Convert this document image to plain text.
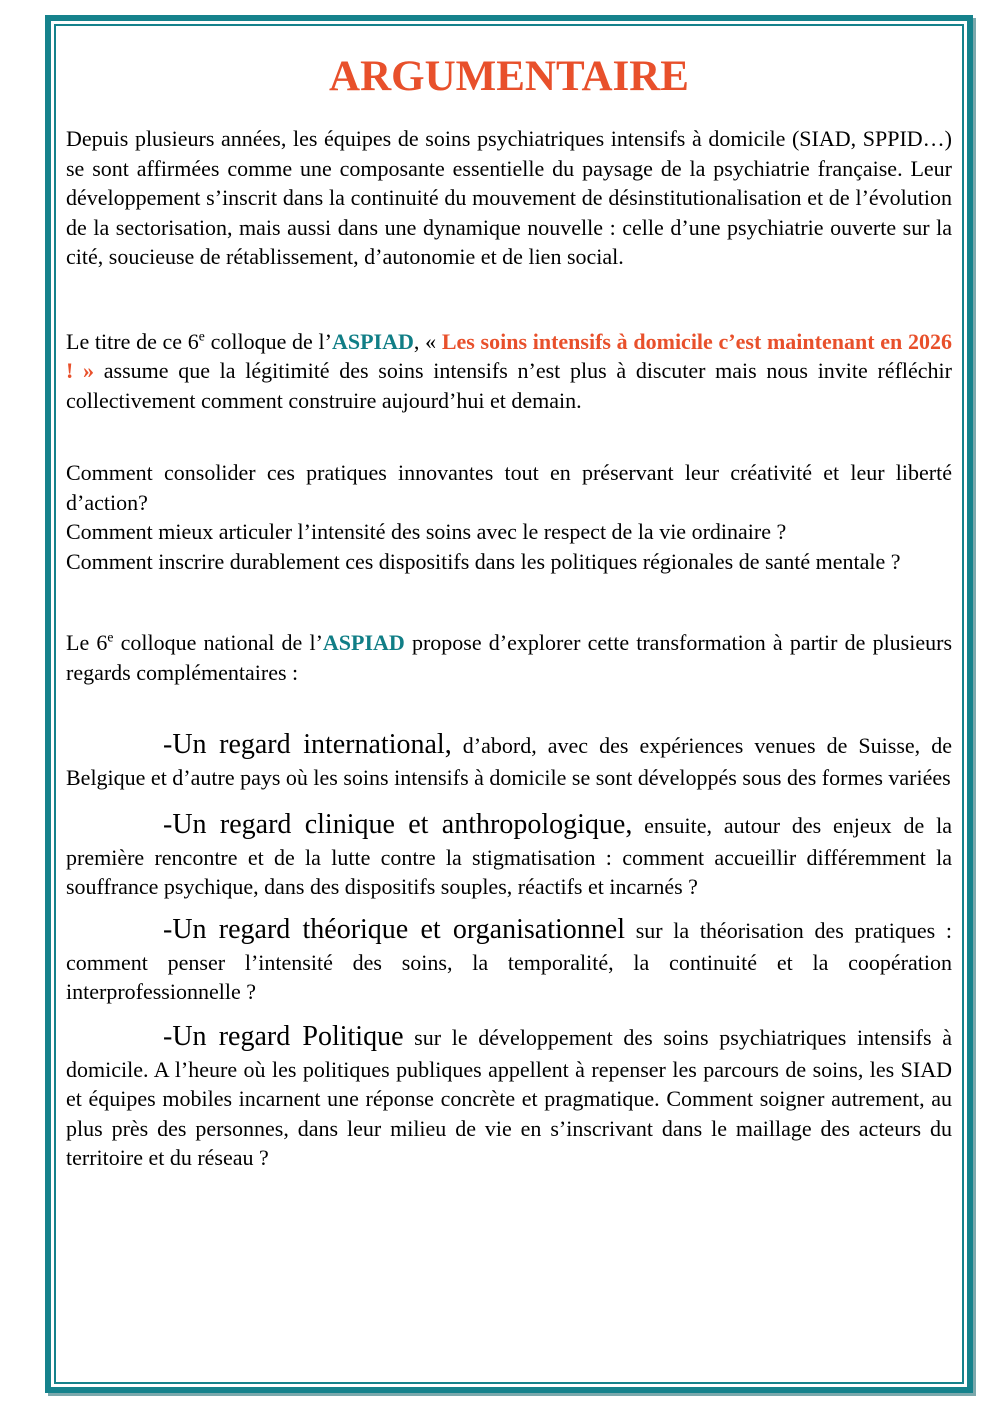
ARGUMENTAIRE

Depuis plusieurs années, les équipes de soins psychiatriques intensifs à domicile (SIAD, SPPID…) se sont affirmées comme une composante essentielle du paysage de la psychiatrie française. Leur développement s’inscrit dans la continuité du mouvement de désinstitutionalisation et de l’évolution de la sectorisation, mais aussi dans une dynamique nouvelle : celle d’une psychiatrie ouverte sur la cité, soucieuse de rétablissement, d’autonomie et de lien social.

Le titre de ce 6e colloque de l’ASPIAD, « Les soins intensifs à domicile c’est maintenant en 2026 ! » assume que la légitimité des soins intensifs n’est plus à discuter mais nous invite réfléchir collectivement comment construire aujourd’hui et demain.

Comment consolider ces pratiques innovantes tout en préservant leur créativité et leur liberté d’action?

Comment mieux articuler l’intensité des soins avec le respect de la vie ordinaire ?

Comment inscrire durablement ces dispositifs dans les politiques régionales de santé mentale ?

Le 6e colloque national de l’ASPIAD propose d’explorer cette transformation à partir de plusieurs regards complémentaires :

-Un regard international, d’abord, avec des expériences venues de Suisse, de Belgique et d’autre pays où les soins intensifs à domicile se sont développés sous des formes variées

-Un regard clinique et anthropologique, ensuite, autour des enjeux de la première rencontre et de la lutte contre la stigmatisation : comment accueillir différemment la souffrance psychique, dans des dispositifs souples, réactifs et incarnés ?

-Un regard théorique et organisationnel sur la théorisation des pratiques : comment penser l’intensité des soins, la temporalité, la continuité et la coopération interprofessionnelle ?

-Un regard Politique sur le développement des soins psychiatriques intensifs à domicile. A l’heure où les politiques publiques appellent à repenser les parcours de soins, les SIAD et équipes mobiles incarnent une réponse concrète et pragmatique. Comment soigner autrement, au plus près des personnes, dans leur milieu de vie en s’inscrivant dans le maillage des acteurs du territoire et du réseau ?
